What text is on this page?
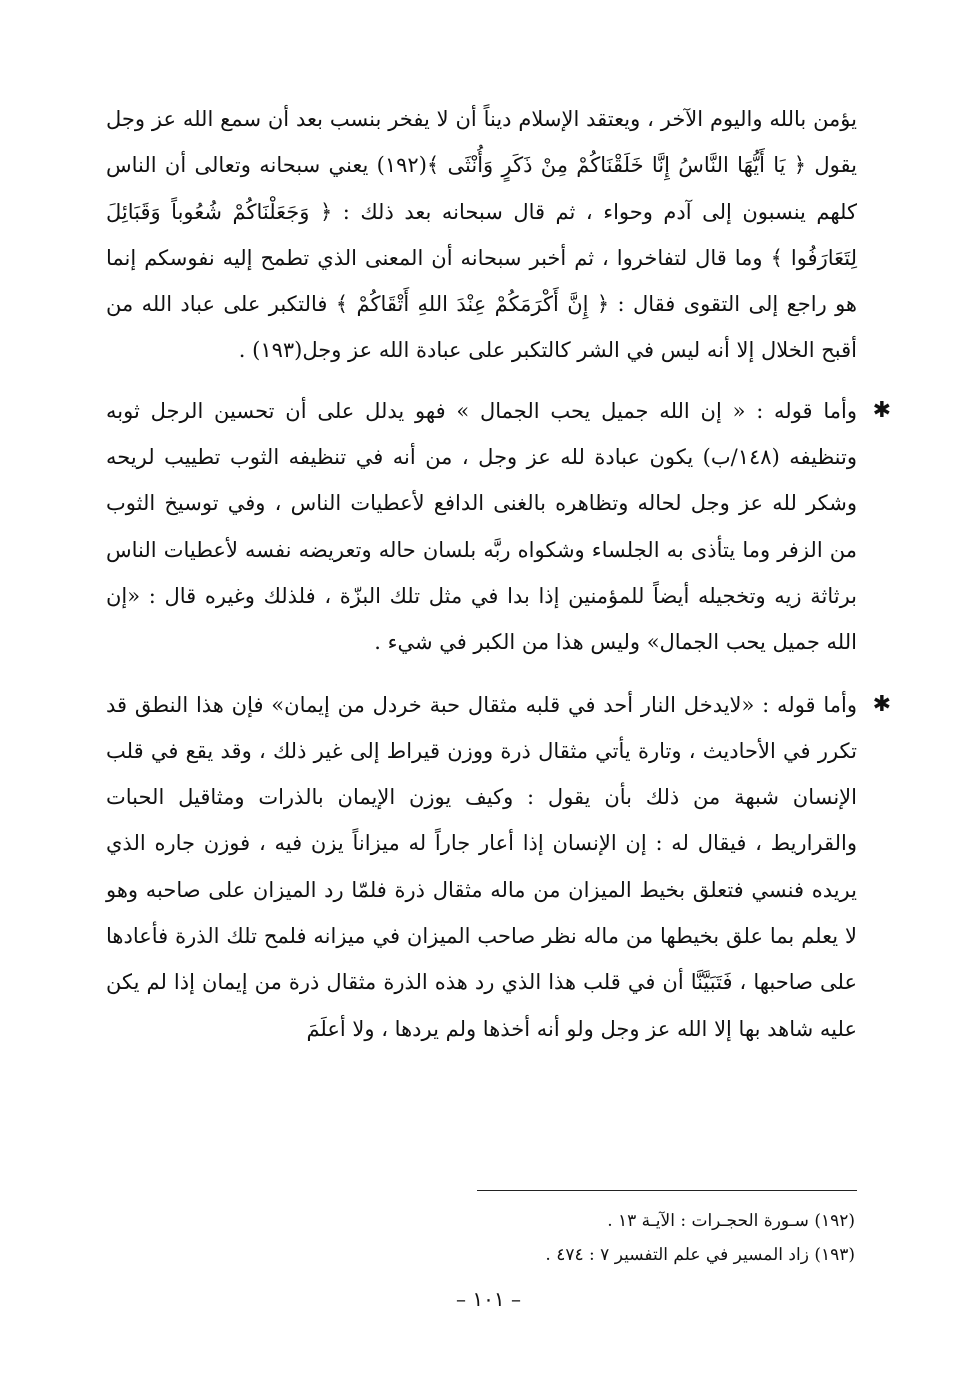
يؤمن بالله واليوم الآخر ، ويعتقد الإسلام ديناً أن لا يفخر بنسب بعد أن سمع الله عز وجل يقول ﴿ يَا أَيُّهَا النَّاسُ إِنَّا خَلَقْنَاكُمْ مِنْ ذَكَرٍ وَأُنْثَى ﴾(١٩٢) يعني سبحانه وتعالى أن الناس كلهم ينسبون إلى آدم وحواء ، ثم قال سبحانه بعد ذلك : ﴿ وَجَعَلْنَاكُمْ شُعُوباً وَقَبَائِلَ لِتَعَارَفُوا ﴾ وما قال لتفاخروا ، ثم أخبر سبحانه أن المعنى الذي تطمح إليه نفوسكم إنما هو راجع إلى التقوى فقال : ﴿ إِنَّ أَكْرَمَكُمْ عِنْدَ اللهِ أَتْقَاكُمْ ﴾ فالتكبر على عباد الله من أقبح الخلال إلا أنه ليس في الشر كالتكبر على عبادة الله عز وجل(١٩٣) .

✱

وأما قوله : « إن الله جميل يحب الجمال » فهو يدلل على أن تحسين الرجل ثوبه وتنظيفه (١٤٨/ب) يكون عبادة لله عز وجل ، من أنه في تنظيفه الثوب تطييب لريحه وشكر لله عز وجل لحاله وتظاهره بالغنى الدافع لأعطيات الناس ، وفي توسيخ الثوب من الزفر وما يتأذى به الجلساء وشكواه ربَّه بلسان حاله وتعريضه نفسه لأعطيات الناس برثاثة زيه وتخجيله أيضاً للمؤمنين إذا بدا في مثل تلك البزّة ، فلذلك وغيره قال : «إن الله جميل يحب الجمال» وليس هذا من الكبر في شيء .

✱

وأما قوله : «لايدخل النار أحد في قلبه مثقال حبة خردل من إيمان» فإن هذا النطق قد تكرر في الأحاديث ، وتارة يأتي مثقال ذرة ووزن قيراط إلى غير ذلك ، وقد يقع في قلب الإنسان شبهة من ذلك بأن يقول : وكيف يوزن الإيمان بالذرات ومثاقيل الحبات والقراريط ، فيقال له : إن الإنسان إذا أعار جاراً له ميزاناً يزن فيه ، فوزن جاره الذي يريده فنسي فتعلق بخيط الميزان من ماله مثقال ذرة فلمّا رد الميزان على صاحبه وهو لا يعلم بما علق بخيطها من ماله نظر صاحب الميزان في ميزانه فلمح تلك الذرة فأعادها على صاحبها ، فَتَبَيَّنَّا أن في قلب هذا الذي رد هذه الذرة مثقال ذرة من إيمان إذا لم يكن عليه شاهد بها إلا الله عز وجل ولو أنه أخذها ولم يردها ، ولا أعلَمَ

(١٩٢) سـورة الحجـرات : الآيـة ١٣ .

(١٩٣) زاد المسير في علم التفسير ٧ : ٤٧٤ .

– ١٠١ –
